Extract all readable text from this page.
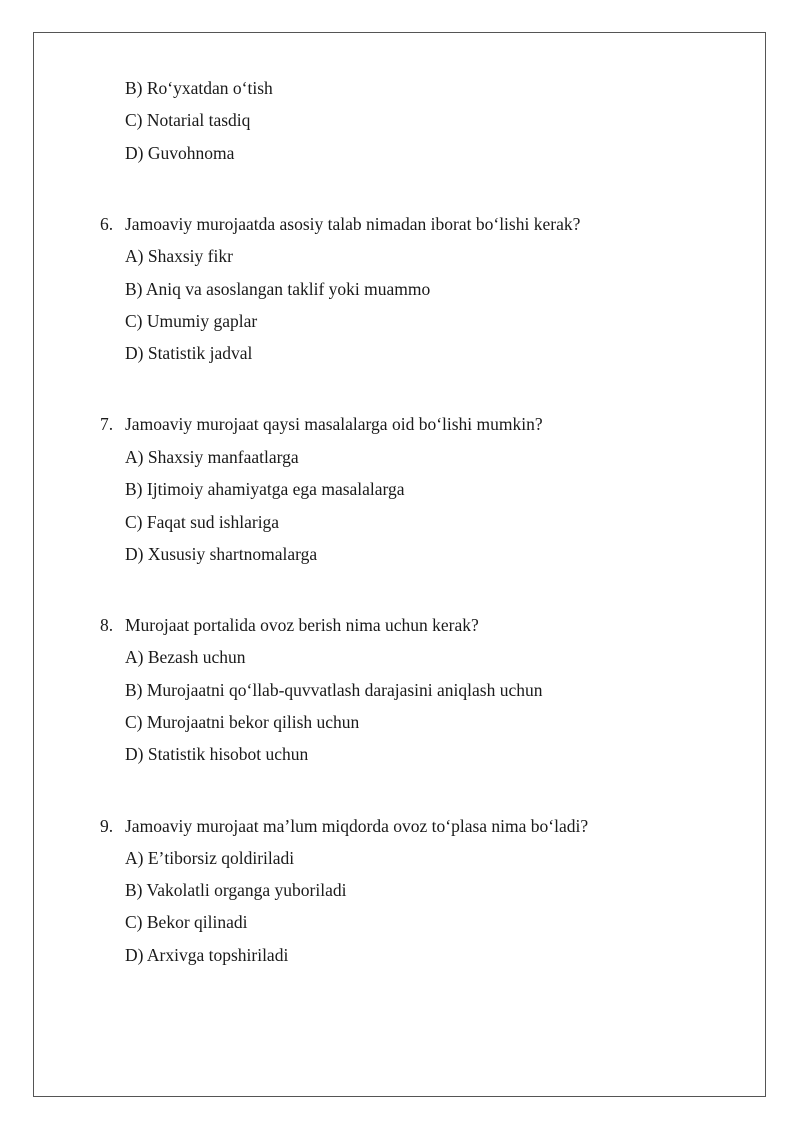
B) Roʻyxatdan oʻtish
C) Notarial tasdiq
D) Guvohnoma
6. Jamoaviy murojaatda asosiy talab nimadan iborat boʻlishi kerak?
A) Shaxsiy fikr
B) Aniq va asoslangan taklif yoki muammo
C) Umumiy gaplar
D) Statistik jadval
7. Jamoaviy murojaat qaysi masalalarga oid boʻlishi mumkin?
A) Shaxsiy manfaatlarga
B) Ijtimoiy ahamiyatga ega masalalarga
C) Faqat sud ishlariga
D) Xususiy shartnomalarga
8. Murojaat portalida ovoz berish nima uchun kerak?
A) Bezash uchun
B) Murojaatni qoʻllab-quvvatlash darajasini aniqlash uchun
C) Murojaatni bekor qilish uchun
D) Statistik hisobot uchun
9. Jamoaviy murojaat maʼlum miqdorda ovoz toʻplasa nima boʻladi?
A) Eʼtiborsiz qoldiriladi
B) Vakolatli organga yuboriladi
C) Bekor qilinadi
D) Arxivga topshiriladi
